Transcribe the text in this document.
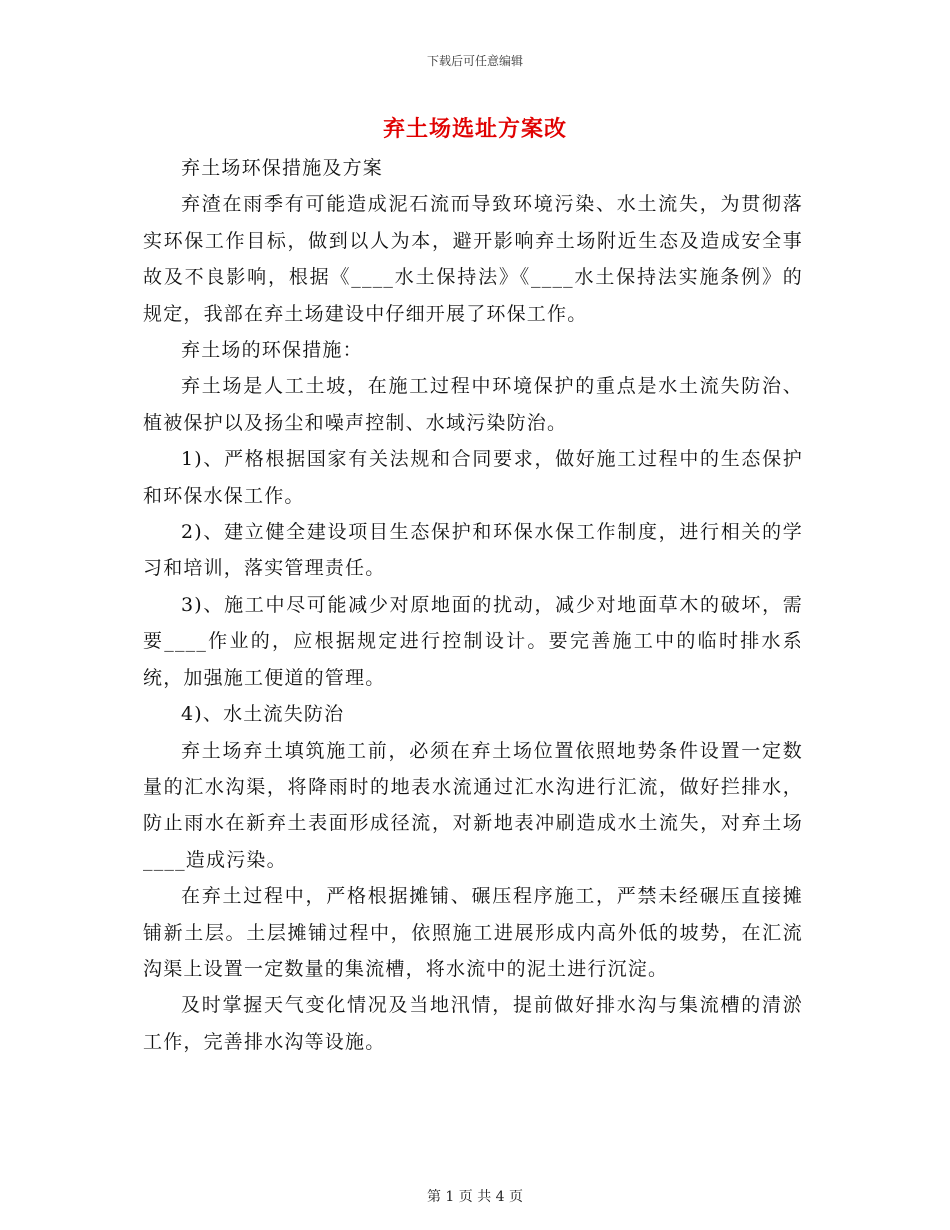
下载后可任意编辑
弃土场选址方案改

弃土场环保措施及方案

弃渣在雨季有可能造成泥石流而导致环境污染、水土流失，为贯彻落实环保工作目标，做到以人为本，避开影响弃土场附近生态及造成安全事故及不良影响，根据《____水土保持法》《____水土保持法实施条例》的规定，我部在弃土场建设中仔细开展了环保工作。

弃土场的环保措施：

弃土场是人工土坡，在施工过程中环境保护的重点是水土流失防治、植被保护以及扬尘和噪声控制、水域污染防治。

1)、严格根据国家有关法规和合同要求，做好施工过程中的生态保护和环保水保工作。

2)、建立健全建设项目生态保护和环保水保工作制度，进行相关的学习和培训，落实管理责任。

3)、施工中尽可能减少对原地面的扰动，减少对地面草木的破坏，需要____作业的，应根据规定进行控制设计。要完善施工中的临时排水系统，加强施工便道的管理。

4)、水土流失防治

弃土场弃土填筑施工前，必须在弃土场位置依照地势条件设置一定数量的汇水沟渠，将降雨时的地表水流通过汇水沟进行汇流，做好拦排水，防止雨水在新弃土表面形成径流，对新地表冲刷造成水土流失，对弃土场____造成污染。

在弃土过程中，严格根据摊铺、碾压程序施工，严禁未经碾压直接摊铺新土层。土层摊铺过程中，依照施工进展形成内高外低的坡势，在汇流沟渠上设置一定数量的集流槽，将水流中的泥土进行沉淀。

及时掌握天气变化情况及当地汛情，提前做好排水沟与集流槽的清淤工作，完善排水沟等设施。

第 1 页 共 4 页
